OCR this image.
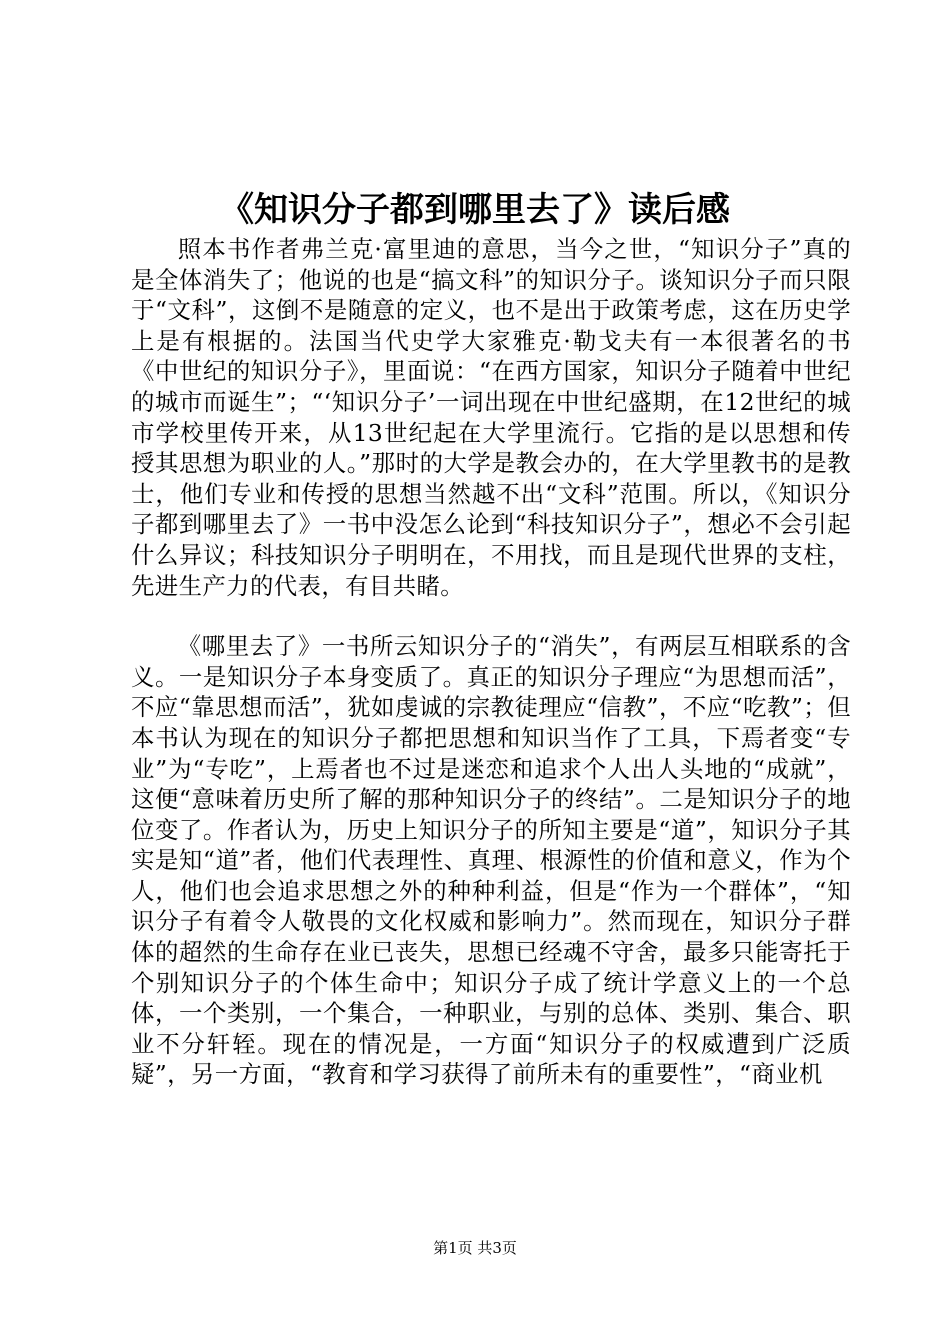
《知识分子都到哪里去了》读后感

照本书作者弗兰克·富里迪的意思，当今之世，“知识分子”真的是全体消失了；他说的也是“搞文科”的知识分子。谈知识分子而只限于“文科”，这倒不是随意的定义，也不是出于政策考虑，这在历史学上是有根据的。法国当代史学大家雅克·勒戈夫有一本很著名的书《中世纪的知识分子》，里面说：“在西方国家，知识分子随着中世纪的城市而诞生”；“‘知识分子’一词出现在中世纪盛期，在12世纪的城市学校里传开来，从13世纪起在大学里流行。它指的是以思想和传授其思想为职业的人。”那时的大学是教会办的，在大学里教书的是教士，他们专业和传授的思想当然越不出“文科”范围。所以，《知识分子都到哪里去了》一书中没怎么论到“科技知识分子”，想必不会引起什么异议；科技知识分子明明在，不用找，而且是现代世界的支柱，先进生产力的代表，有目共睹。

《哪里去了》一书所云知识分子的“消失”，有两层互相联系的含义。一是知识分子本身变质了。真正的知识分子理应“为思想而活”，不应“靠思想而活”，犹如虔诚的宗教徒理应“信教”，不应“吃教”；但本书认为现在的知识分子都把思想和知识当作了工具，下焉者变“专业”为“专吃”，上焉者也不过是迷恋和追求个人出人头地的“成就”，这便“意味着历史所了解的那种知识分子的终结”。二是知识分子的地位变了。作者认为，历史上知识分子的所知主要是“道”，知识分子其实是知“道”者，他们代表理性、真理、根源性的价值和意义，作为个人，他们也会追求思想之外的种种利益，但是“作为一个群体”，“知识分子有着令人敬畏的文化权威和影响力”。然而现在，知识分子群体的超然的生命存在业已丧失，思想已经魂不守舍，最多只能寄托于个别知识分子的个体生命中；知识分子成了统计学意义上的一个总体，一个类别，一个集合，一种职业，与别的总体、类别、集合、职业不分轩轾。现在的情况是，一方面“知识分子的权威遭到广泛质疑”，另一方面，“教育和学习获得了前所未有的重要性”，“商业机

第1页 共3页
